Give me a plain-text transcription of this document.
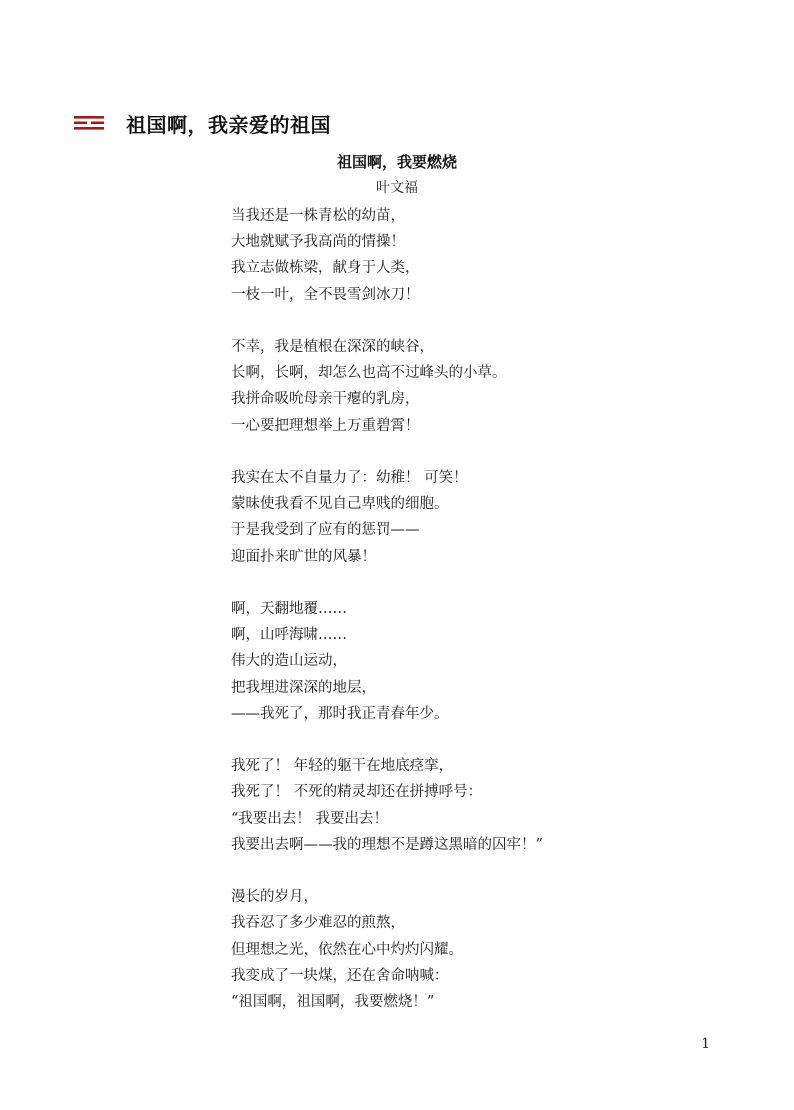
祖国啊，我亲爱的祖国
祖国啊，我要燃烧
叶文福
当我还是一株青松的幼苗，
大地就赋予我高尚的情操！
我立志做栋梁，献身于人类，
一枝一叶，全不畏雪剑冰刀！
不幸，我是植根在深深的峡谷，
长啊，长啊，却怎么也高不过峰头的小草。
我拼命吸吮母亲干瘪的乳房，
一心要把理想举上万重碧霄！
我实在太不自量力了：幼稚！ 可笑！
蒙昧使我看不见自己卑贱的细胞。
于是我受到了应有的惩罚——
迎面扑来旷世的风暴！
啊，天翻地覆……
啊，山呼海啸……
伟大的造山运动，
把我埋进深深的地层，
——我死了，那时我正青春年少。
我死了！ 年轻的躯干在地底痉挛，
我死了！ 不死的精灵却还在拼搏呼号：
“我要出去！ 我要出去！
我要出去啊——我的理想不是蹲这黑暗的囚牢！”
漫长的岁月，
我吞忍了多少难忍的煎熬，
但理想之光，依然在心中灼灼闪耀。
我变成了一块煤，还在舍命呐喊：
“祖国啊，祖国啊，我要燃烧！”
1
